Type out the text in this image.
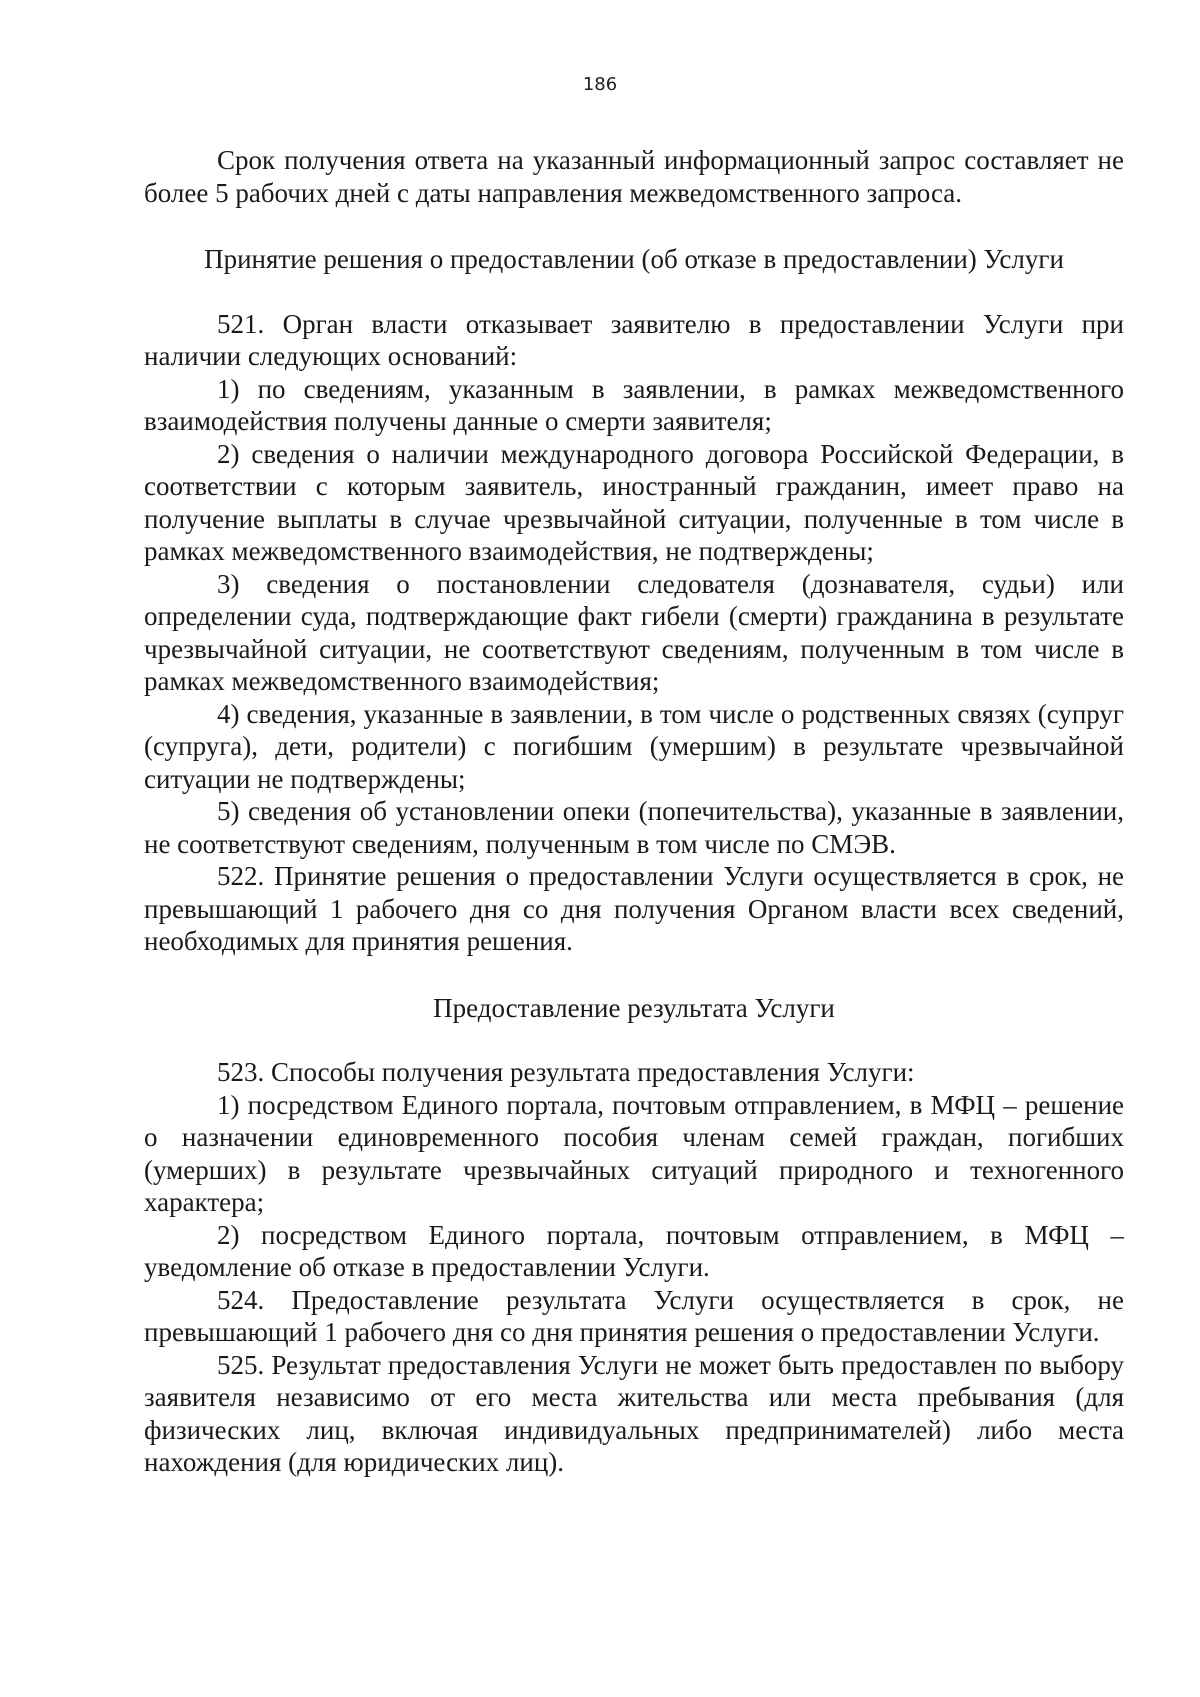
186

Срок получения ответа на указанный информационный запрос составляет не более 5 рабочих дней с даты направления межведомственного запроса.

Принятие решения о предоставлении (об отказе в предоставлении) Услуги

521. Орган власти отказывает заявителю в предоставлении Услуги при наличии следующих оснований:

1) по сведениям, указанным в заявлении, в рамках межведомственного взаимодействия получены данные о смерти заявителя;

2) сведения о наличии международного договора Российской Федерации, в соответствии с которым заявитель, иностранный гражданин, имеет право на получение выплаты в случае чрезвычайной ситуации, полученные в том числе в рамках межведомственного взаимодействия, не подтверждены;

3) сведения о постановлении следователя (дознавателя, судьи) или определении суда, подтверждающие факт гибели (смерти) гражданина в результате чрезвычайной ситуации, не соответствуют сведениям, полученным в том числе в рамках межведомственного взаимодействия;

4) сведения, указанные в заявлении, в том числе о родственных связях (супруг (супруга), дети, родители) с погибшим (умершим) в результате чрезвычайной ситуации не подтверждены;

5) сведения об установлении опеки (попечительства), указанные в заявлении, не соответствуют сведениям, полученным в том числе по СМЭВ.

522. Принятие решения о предоставлении Услуги осуществляется в срок, не превышающий 1 рабочего дня со дня получения Органом власти всех сведений, необходимых для принятия решения.

Предоставление результата Услуги

523. Способы получения результата предоставления Услуги:

1) посредством Единого портала, почтовым отправлением, в МФЦ – решение о назначении единовременного пособия членам семей граждан, погибших (умерших) в результате чрезвычайных ситуаций природного и техногенного характера;

2) посредством Единого портала, почтовым отправлением, в МФЦ – уведомление об отказе в предоставлении Услуги.

524. Предоставление результата Услуги осуществляется в срок, не превышающий 1 рабочего дня со дня принятия решения о предоставлении Услуги.

525. Результат предоставления Услуги не может быть предоставлен по выбору заявителя независимо от его места жительства или места пребывания (для физических лиц, включая индивидуальных предпринимателей) либо места нахождения (для юридических лиц).
